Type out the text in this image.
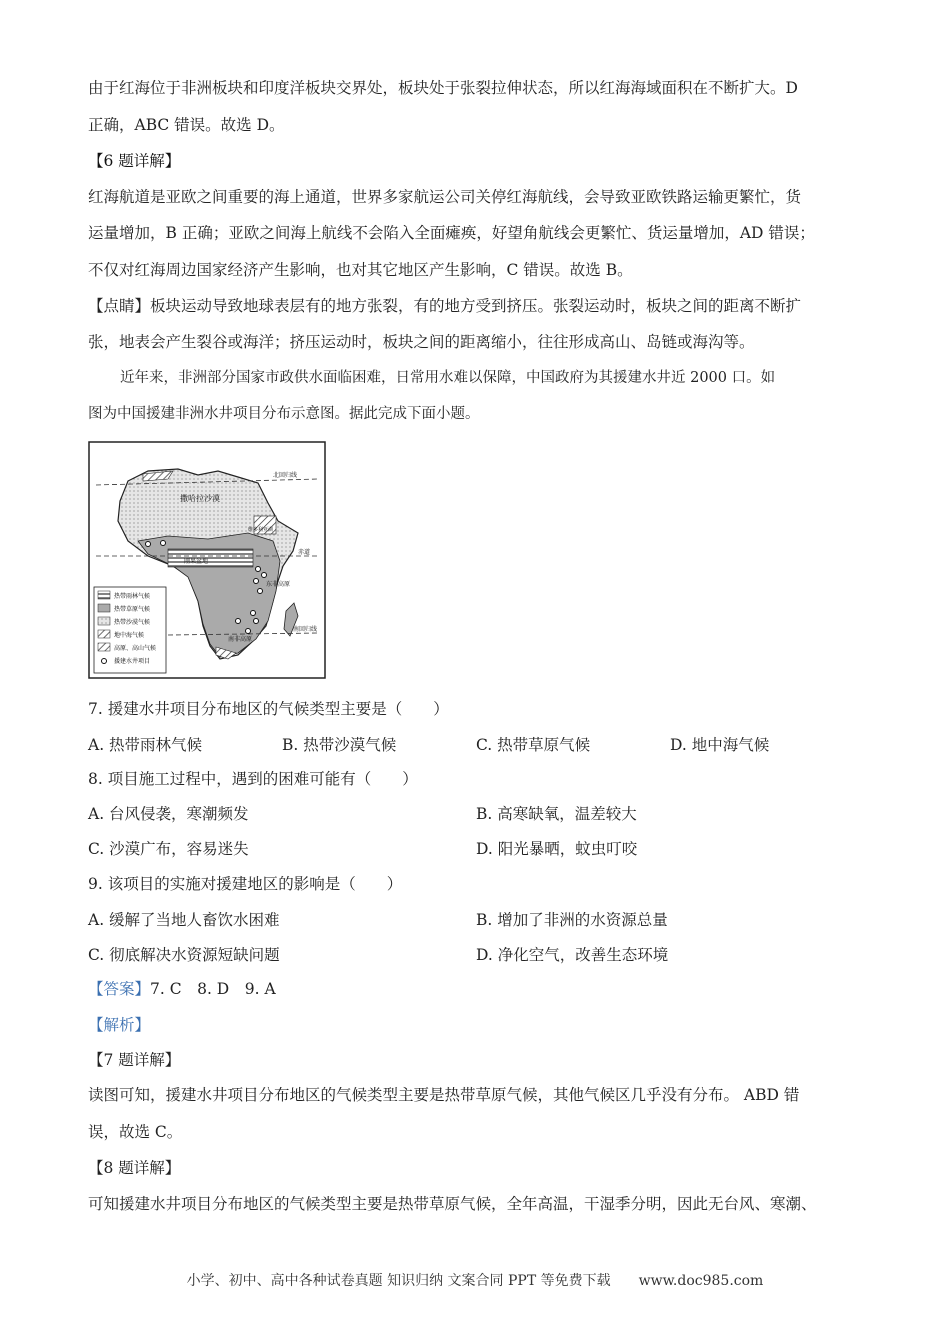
由于红海位于非洲板块和印度洋板块交界处，板块处于张裂拉伸状态，所以红海海域面积在不断扩大。D
正确，ABC 错误。故选 D。
【6 题详解】
红海航道是亚欧之间重要的海上通道，世界多家航运公司关停红海航线，会导致亚欧铁路运输更繁忙，货
运量增加，B 正确；亚欧之间海上航线不会陷入全面瘫痪，好望角航线会更繁忙、货运量增加，AD 错误；
不仅对红海周边国家经济产生影响，也对其它地区产生影响，C 错误。故选 B。
【点睛】板块运动导致地球表层有的地方张裂，有的地方受到挤压。张裂运动时，板块之间的距离不断扩
张，地表会产生裂谷或海洋；挤压运动时，板块之间的距离缩小，往往形成高山、岛链或海沟等。
近年来，非洲部分国家市政供水面临困难，日常用水难以保障，中国政府为其援建水井近 2000 口。如
图为中国援建非洲水井项目分布示意图。据此完成下面小题。
撒哈拉沙漠
刚果盆地
北回归线
赤道
南回归线
维多利亚湖
东非高原
南非高原
热带雨林气候
热带草原气候
热带沙漠气候
地中海气候
高原、高山气候
援建水井项目
7. 援建水井项目分布地区的气候类型主要是（　　）
A. 热带雨林气候	B. 热带沙漠气候	C. 热带草原气候	D. 地中海气候
8. 项目施工过程中，遇到的困难可能有（　　）
A. 台风侵袭，寒潮频发	B. 高寒缺氧，温差较大
C. 沙漠广布，容易迷失	D. 阳光暴晒，蚊虫叮咬
9. 该项目的实施对援建地区的影响是（　　）
A. 缓解了当地人畜饮水困难	B. 增加了非洲的水资源总量
C. 彻底解决水资源短缺问题	D. 净化空气，改善生态环境
【答案】7. C　8. D　9. A
【解析】
【7 题详解】
读图可知，援建水井项目分布地区的气候类型主要是热带草原气候，其他气候区几乎没有分布。 ABD 错
误，故选 C。
【8 题详解】
可知援建水井项目分布地区的气候类型主要是热带草原气候，全年高温，干湿季分明，因此无台风、寒潮、
小学、初中、高中各种试卷真题 知识归纳 文案合同 PPT 等免费下载　　www.doc985.com
